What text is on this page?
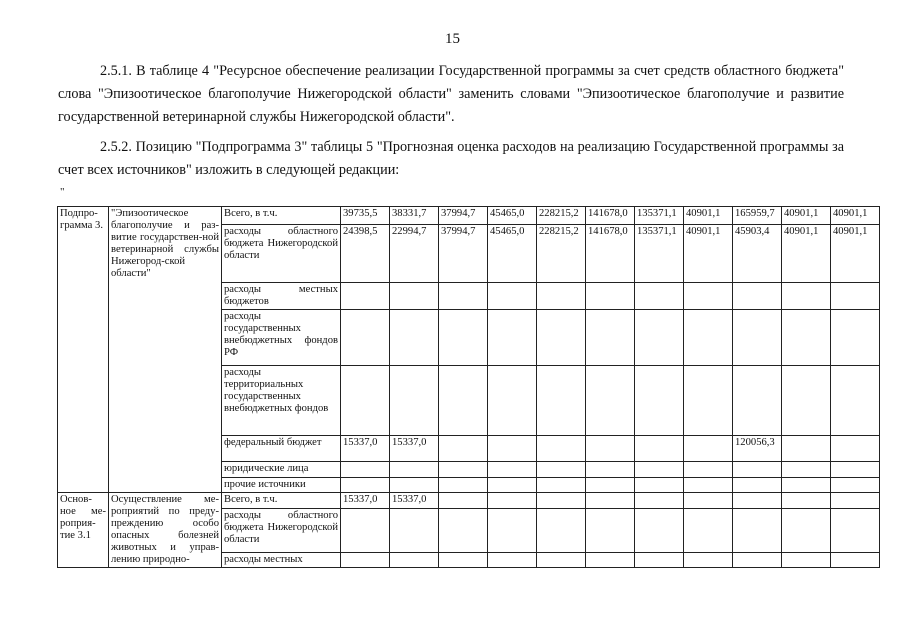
15
2.5.1. В таблице 4 "Ресурсное обеспечение реализации Государственной программы за счет средств областного бюджета" слова "Эпизоотическое благополучие Нижегородской области" заменить словами "Эпизоотическое благополучие и развитие государственной ветеринарной службы Нижегородской области".
2.5.2. Позицию "Подпрограмма 3" таблицы 5 "Прогнозная оценка расходов на реализацию Государственной программы за счет всех источников" изложить в следующей редакции:
"
Подпро-грамма 3.	"Эпизоотическое благополучие и раз-витие государствен-ной ветеринарной службы Нижегород-ской области"	Всего, в т.ч.	39735,5	38331,7	37994,7	45465,0	228215,2	141678,0	135371,1	40901,1	165959,7	40901,1	40901,1
		расходы областного бюджета Нижегородской области	24398,5	22994,7	37994,7	45465,0	228215,2	141678,0	135371,1	40901,1	45903,4	40901,1	40901,1
		расходы местных бюджетов											
		расходы государственных внебюджетных фондов РФ											
		расходы территориальных государственных внебюджетных фондов											
		федеральный бюджет	15337,0	15337,0							120056,3		
		юридические лица											
		прочие источники											
Основ-ное ме-роприя-тие 3.1	Осуществление ме-роприятий по преду-преждению особо опасных болезней животных и управ-лению природно-	Всего, в т.ч.	15337,0	15337,0									
		расходы областного бюджета Нижегородской области											
		расходы местных											
